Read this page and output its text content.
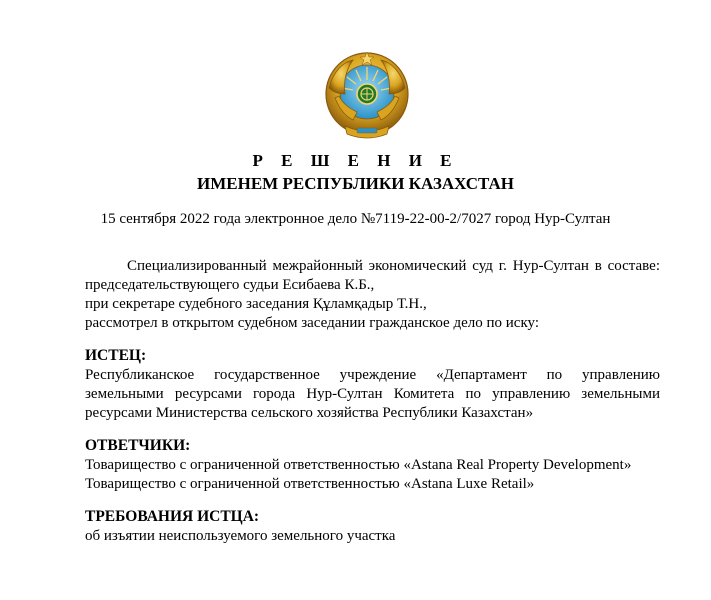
Р Е Ш Е Н И Е
ИМЕНЕМ РЕСПУБЛИКИ КАЗАХСТАН
15 сентября 2022 года электронное дело №7119-22-00-2/7027 город Нур-Султан

Специализированный межрайонный экономический суд г. Нур-Султан в составе: председательствующего судьи Есибаева К.Б.,

при секретаре судебного заседания Құламқадыр Т.Н.,

рассмотрел в открытом судебном заседании гражданское дело по иску:

ИСТЕЦ:

Республиканское государственное учреждение «Департамент по управлению земельными ресурсами города Нур-Султан Комитета по управлению земельными ресурсами Министерства сельского хозяйства Республики Казахстан»

ОТВЕТЧИКИ:

Товарищество с ограниченной ответственностью «Astana Real Property Development»

Товарищество с ограниченной ответственностью «Astana Luxe Retail»

ТРЕБОВАНИЯ ИСТЦА:

об изъятии неиспользуемого земельного участка
